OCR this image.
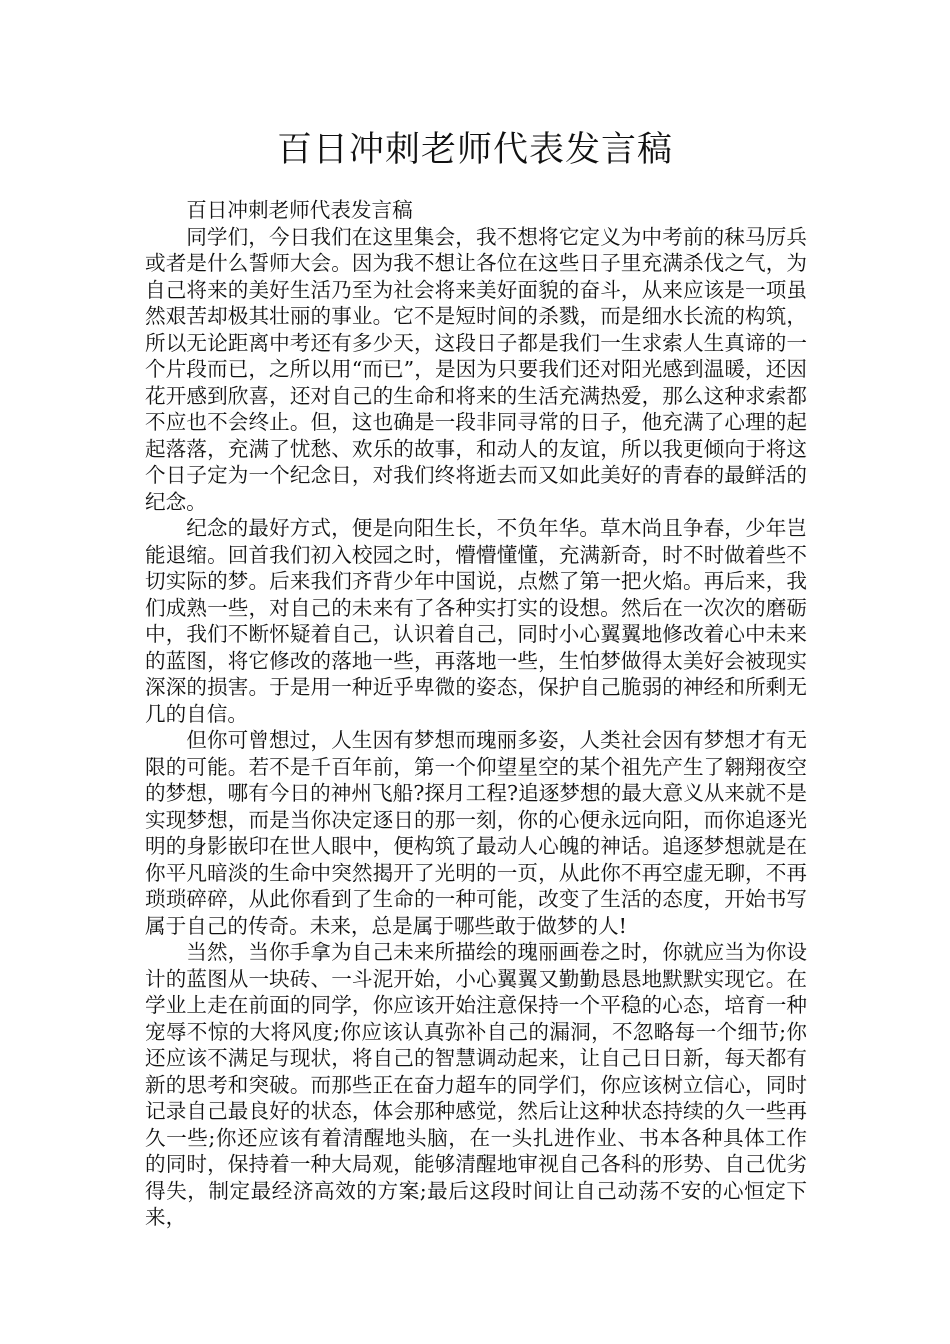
百日冲刺老师代表发言稿

百日冲刺老师代表发言稿

同学们，今日我们在这里集会，我不想将它定义为中考前的秣马厉兵或者是什么誓师大会。因为我不想让各位在这些日子里充满杀伐之气，为自己将来的美好生活乃至为社会将来美好面貌的奋斗，从来应该是一项虽然艰苦却极其壮丽的事业。它不是短时间的杀戮，而是细水长流的构筑，所以无论距离中考还有多少天，这段日子都是我们一生求索人生真谛的一个片段而已，之所以用“而已”，是因为只要我们还对阳光感到温暖，还因花开感到欣喜，还对自己的生命和将来的生活充满热爱，那么这种求索都不应也不会终止。但，这也确是一段非同寻常的日子，他充满了心理的起起落落，充满了忧愁、欢乐的故事，和动人的友谊，所以我更倾向于将这个日子定为一个纪念日，对我们终将逝去而又如此美好的青春的最鲜活的纪念。

纪念的最好方式，便是向阳生长，不负年华。草木尚且争春，少年岂能退缩。回首我们初入校园之时，懵懵懂懂，充满新奇，时不时做着些不切实际的梦。后来我们齐背少年中国说，点燃了第一把火焰。再后来，我们成熟一些，对自己的未来有了各种实打实的设想。然后在一次次的磨砺中，我们不断怀疑着自己，认识着自己，同时小心翼翼地修改着心中未来的蓝图，将它修改的落地一些，再落地一些，生怕梦做得太美好会被现实深深的损害。于是用一种近乎卑微的姿态，保护自己脆弱的神经和所剩无几的自信。

但你可曾想过，人生因有梦想而瑰丽多姿，人类社会因有梦想才有无限的可能。若不是千百年前，第一个仰望星空的某个祖先产生了翱翔夜空的梦想，哪有今日的神州飞船?探月工程?追逐梦想的最大意义从来就不是实现梦想，而是当你决定逐日的那一刻，你的心便永远向阳，而你追逐光明的身影嵌印在世人眼中，便构筑了最动人心魄的神话。追逐梦想就是在你平凡暗淡的生命中突然揭开了光明的一页，从此你不再空虚无聊，不再琐琐碎碎，从此你看到了生命的一种可能，改变了生活的态度，开始书写属于自己的传奇。未来，总是属于哪些敢于做梦的人!

当然，当你手拿为自己未来所描绘的瑰丽画卷之时，你就应当为你设计的蓝图从一块砖、一斗泥开始，小心翼翼又勤勤恳恳地默默实现它。在学业上走在前面的同学，你应该开始注意保持一个平稳的心态，培育一种宠辱不惊的大将风度;你应该认真弥补自己的漏洞，不忽略每一个细节;你还应该不满足与现状，将自己的智慧调动起来，让自己日日新，每天都有新的思考和突破。而那些正在奋力超车的同学们，你应该树立信心，同时记录自己最良好的状态，体会那种感觉，然后让这种状态持续的久一些再久一些;你还应该有着清醒地头脑，在一头扎进作业、书本各种具体工作的同时，保持着一种大局观，能够清醒地审视自己各科的形势、自己优劣得失，制定最经济高效的方案;最后这段时间让自己动荡不安的心恒定下来，
